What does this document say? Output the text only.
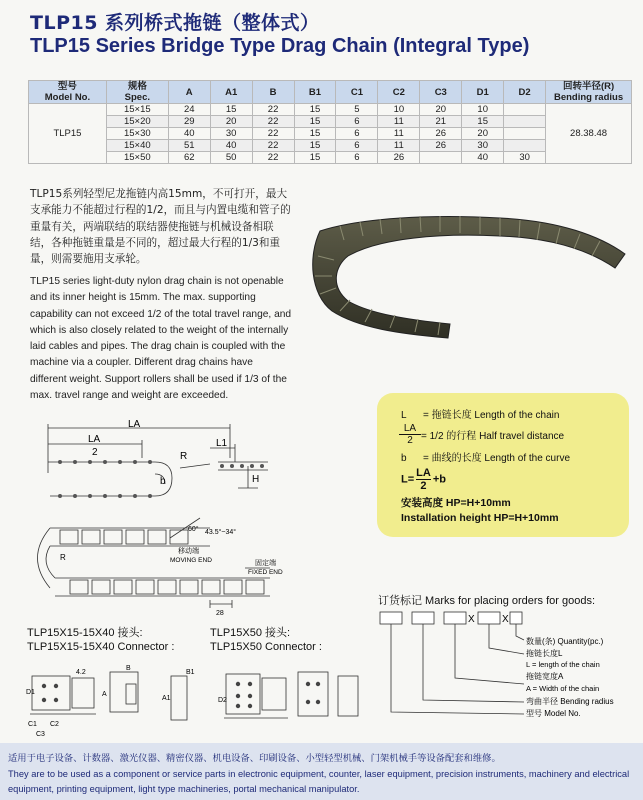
TLP15 系列桥式拖链（整体式）
TLP15 Series Bridge Type Drag Chain (Integral Type)
型号
Model No.	规格
Spec.	A	A1	B	B1	C1	C2	C3	D1	D2	回转半径(R)
Bending radius
TLP15	15×15	24	15	22	15	5	10	20	10		28.38.48
	15×20	29	20	22	15	6	11	21	15		
	15×30	40	30	22	15	6	11	26	20		
	15×40	51	40	22	15	6	11	26	30		
	15×50	62	50	22	15	6	26		40	30	
TLP15系列轻型尼龙拖链内高15mm，不可打开，最大支承能力不能超过行程的1/2，而且与内置电缆和管子的重量有关，两端联结的联结器使拖链与机械设备相联结，各种拖链重量是不同的，超过最大行程的1/3和重量，则需要施用支承轮。
TLP15 series light-duty nylon drag chain is not openable and its inner height is 15mm. The max. supporting capability can not exceed 1/2 of the total travel range, and which is also closely related to the weight of the internally laid cables and pipes. The drag chain is coupled with the machine via a coupler. Different drag chains have different weight. Support rollers shall be used if 1/3 of the max. travel range and weight are exceeded.
L = 拖链长度 Length of the chain
$\frac{LA}{2} = 1/2$ 的行程 Half travel distance
b = 曲线的长度 Length of the curve
$L= \frac{LA}{2} +b$
安装高度 HP=H+10mm
Installation height HP=H+10mm
LA
LA
2
L1
R
b	H
60° 43.5°~34°
移动端
MOVING END	固定端
FIXED END
28
R
订货标记 Marks for placing orders for goods:
X
X
数量(条) Quantity(pc.)
拖链长度L
L = length of the chain
拖链宽度A
A = Width of the chain
弯曲半径 Bending radius
型号 Model No.
TLP15X15-15X40 接头:
TLP15X15-15X40 Connector :
TLP15X50 接头:
TLP15X50 Connector :
C1 C2
C3
D1	A
A1
4.2
B
B1
D2
适用于电子设备、计数器、激光仪器、精密仪器、机电设备、印刷设备、小型轻型机械、门架机械手等设备配套和维修。
They are to be used as a component or service parts in electronic equipment, counter, laser equipment, precision instruments, machinery and electrical equipment, printing equipment, light type machineries, portal mechanical manipulator.
